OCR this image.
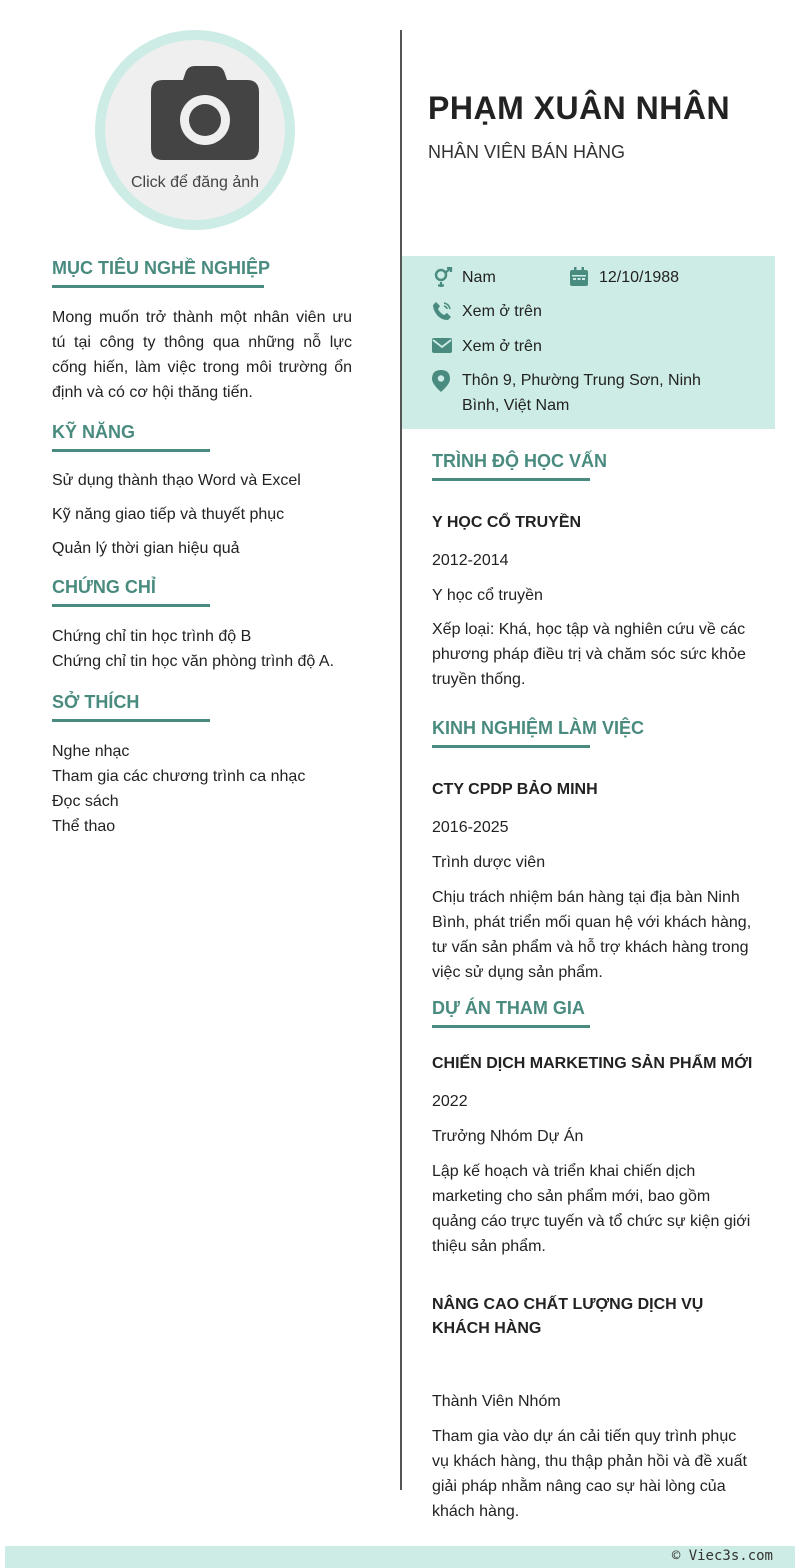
Click để đăng ảnh
MỤC TIÊU NGHỀ NGHIỆP

Mong muốn trở thành một nhân viên ưu tú tại công ty thông qua những nỗ lực cống hiến, làm việc trong môi trường ổn định và có cơ hội thăng tiến.

KỸ NĂNG
Sử dụng thành thạo Word và Excel
Kỹ năng giao tiếp và thuyết phục
Quản lý thời gian hiệu quả
CHỨNG CHỈ
Chứng chỉ tin học trình độ B
Chứng chỉ tin học văn phòng trình độ A.
SỞ THÍCH
Nghe nhạc
Tham gia các chương trình ca nhạc
Đọc sách
Thể thao
PHẠM XUÂN NHÂN
NHÂN VIÊN BÁN HÀNG
Nam	12/10/1988
Xem ở trên
Xem ở trên
Thôn 9, Phường Trung Sơn, Ninh Bình, Việt Nam
TRÌNH ĐỘ HỌC VẤN
Y HỌC CỔ TRUYỀN
2012-2014
Y học cổ truyền
Xếp loại: Khá, học tập và nghiên cứu về các phương pháp điều trị và chăm sóc sức khỏe truyền thống.
KINH NGHIỆM LÀM VIỆC
CTY CPDP BẢO MINH
2016-2025
Trình dược viên
Chịu trách nhiệm bán hàng tại địa bàn Ninh Bình, phát triển mối quan hệ với khách hàng, tư vấn sản phẩm và hỗ trợ khách hàng trong việc sử dụng sản phẩm.
DỰ ÁN THAM GIA
CHIẾN DỊCH MARKETING SẢN PHẨM MỚI
2022
Trưởng Nhóm Dự Án
Lập kế hoạch và triển khai chiến dịch marketing cho sản phẩm mới, bao gồm quảng cáo trực tuyến và tổ chức sự kiện giới thiệu sản phẩm.
NÂNG CAO CHẤT LƯỢNG DỊCH VỤ KHÁCH HÀNG
Thành Viên Nhóm
Tham gia vào dự án cải tiến quy trình phục vụ khách hàng, thu thập phản hồi và đề xuất giải pháp nhằm nâng cao sự hài lòng của khách hàng.
© Viec3s.com
